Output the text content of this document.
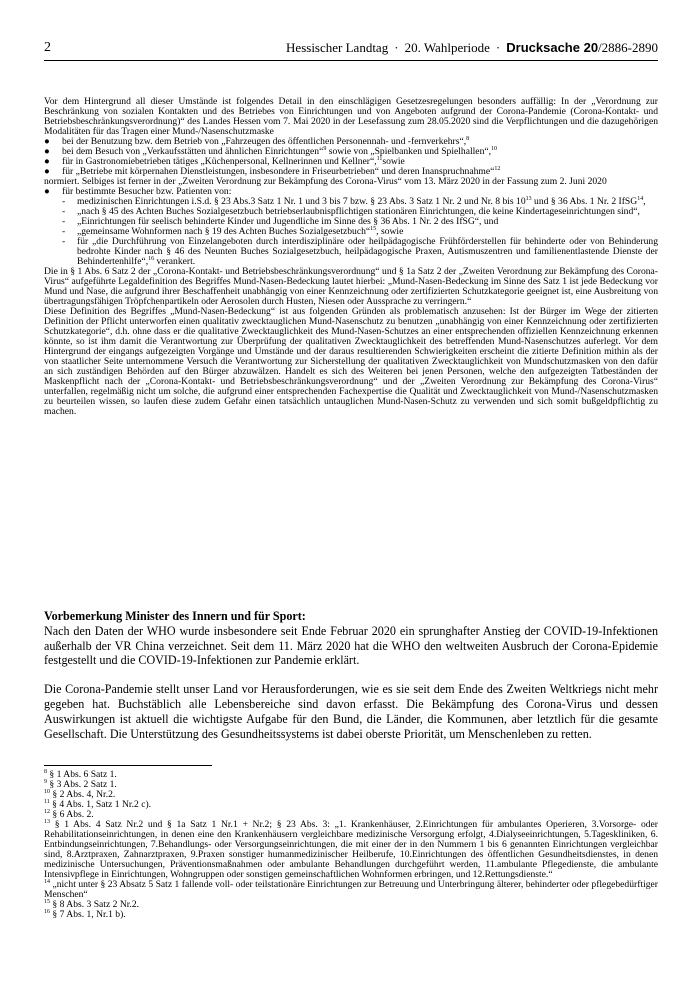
2	Hessischer Landtag · 20. Wahlperiode · Drucksache 20/2886-2890

Vor dem Hintergrund all dieser Umstände ist folgendes Detail in den einschlägigen Gesetzesregelungen besonders auffällig: In der „Verordnung zur Beschränkung von sozialen Kontakten und des Betriebes von Einrichtungen und von Angeboten aufgrund der Corona-Pandemie (Corona-Kontakt- und Betriebsbeschränkungsverordnung)“ des Landes Hessen vom 7. Mai 2020 in der Lesefassung zum 28.05.2020 sind die Verpflichtungen und die dazugehörigen Modalitäten für das Tragen einer Mund-/Nasenschutzmaske

● bei der Benutzung bzw. dem Betrieb von „Fahrzeugen des öffentlichen Personennah- und -fernverkehrs“,$^8$

● bei dem Besuch von „Verkaufsstätten und ähnlichen Einrichtungen“$^9$ sowie von „Spielbanken und Spielhallen“,$^{10}$

● für in Gastronomiebetrieben tätiges „Küchenpersonal, Kellnerinnen und Kellner“,$^{11}$sowie

● für „Betriebe mit körpernahen Dienstleistungen, insbesondere in Friseurbetrieben“ und deren Inanspruchnahme“$^{12}$

normiert. Selbiges ist ferner in der „Zweiten Verordnung zur Bekämpfung des Corona-Virus“ vom 13. März 2020 in der Fassung zum 2. Juni 2020

● für bestimmte Besucher bzw. Patienten von:

- medizinischen Einrichtungen i.S.d. § 23 Abs.3 Satz 1 Nr. 1 und 3 bis 7 bzw. § 23 Abs. 3 Satz 1 Nr. 2 und Nr. 8 bis $10^{13}$ und § 36 Abs. 1 Nr. 2 IfSG$^{14}$,

- „nach § 45 des Achten Buches Sozialgesetzbuch betriebserlaubnispflichtigen stationären Einrichtungen, die keine Kindertageseinrichtungen sind“,

- „Einrichtungen für seelisch behinderte Kinder und Jugendliche im Sinne des § 36 Abs. 1 Nr. 2 des IfSG“, und

- „gemeinsame Wohnformen nach § 19 des Achten Buches Sozialgesetzbuch“$^{15}$, sowie

- für „die Durchführung von Einzelangeboten durch interdisziplinäre oder heilpädagogische Frühförderstellen für behinderte oder von Behinderung bedrohte Kinder nach § 46 des Neunten Buches Sozialgesetzbuch, heilpädagogische Praxen, Autismuszentren und familienentlastende Dienste der Behindertenhilfe“,$^{16}$ verankert.

Die in § 1 Abs. 6 Satz 2 der „Corona-Kontakt- und Betriebsbeschränkungsverordnung“ und § 1a Satz 2 der „Zweiten Verordnung zur Bekämpfung des Corona-Virus“ aufgeführte Legaldefinition des Begriffes Mund-Nasen-Bedeckung lautet hierbei: „Mund-Nasen-Bedeckung im Sinne des Satz 1 ist jede Bedeckung vor Mund und Nase, die aufgrund ihrer Beschaffenheit unabhängig von einer Kennzeichnung oder zertifizierten Schutzkategorie geeignet ist, eine Ausbreitung von übertragungsfähigen Tröpfchenpartikeln oder Aerosolen durch Husten, Niesen oder Aussprache zu verringern.“

Diese Definition des Begriffes „Mund-Nasen-Bedeckung“ ist aus folgenden Gründen als problematisch anzusehen: Ist der Bürger im Wege der zitierten Definition der Pflicht unterworfen einen qualitativ zwecktauglichen Mund-Nasenschutz zu benutzen „unabhängig von einer Kennzeichnung oder zertifizierten Schutzkategorie“, d.h. ohne dass er die qualitative Zwecktauglichkeit des Mund-Nasen-Schutzes an einer entsprechenden offiziellen Kennzeichnung erkennen könnte, so ist ihm damit die Verantwortung zur Überprüfung der qualitativen Zwecktauglichkeit des betreffenden Mund-Nasenschutzes auferlegt. Vor dem Hintergrund der eingangs aufgezeigten Vorgänge und Umstände und der daraus resultierenden Schwierigkeiten erscheint die zitierte Definition mithin als der von staatlicher Seite unternommene Versuch die Verantwortung zur Sicherstellung der qualitativen Zwecktauglichkeit von Mundschutzmasken von den dafür an sich zuständigen Behörden auf den Bürger abzuwälzen. Handelt es sich des Weiteren bei jenen Personen, welche den aufgezeigten Tatbeständen der Maskenpflicht nach der „Corona-Kontakt- und Betriebsbeschränkungsverordnung“ und der „Zweiten Verordnung zur Bekämpfung des Corona-Virus“ unterfallen, regelmäßig nicht um solche, die aufgrund einer entsprechenden Fachexpertise die Qualität und Zwecktauglichkeit von Mund-/Nasenschutzmasken zu beurteilen wissen, so laufen diese zudem Gefahr einen tatsächlich untauglichen Mund-Nasen-Schutz zu verwenden und sich somit bußgeldpflichtig zu machen.

Vorbemerkung Minister des Innern und für Sport:

Nach den Daten der WHO wurde insbesondere seit Ende Februar 2020 ein sprunghafter Anstieg der COVID-19-Infektionen außerhalb der VR China verzeichnet. Seit dem 11. März 2020 hat die WHO den weltweiten Ausbruch der Corona-Epidemie festgestellt und die COVID-19-Infektionen zur Pandemie erklärt.

Die Corona-Pandemie stellt unser Land vor Herausforderungen, wie es sie seit dem Ende des Zweiten Weltkriegs nicht mehr gegeben hat. Buchstäblich alle Lebensbereiche sind davon erfasst. Die Bekämpfung des Corona-Virus und dessen Auswirkungen ist aktuell die wichtigste Aufgabe für den Bund, die Länder, die Kommunen, aber letztlich für die gesamte Gesellschaft. Die Unterstützung des Gesundheitssystems ist dabei oberste Priorität, um Menschenleben zu retten.

$^8$ § 1 Abs. 6 Satz 1.

$^9$ § 3 Abs. 2 Satz 1.

$^{10}$ § 2 Abs. 4, Nr.2.

$^{11}$ § 4 Abs. 1, Satz 1 Nr.2 c).

$^{12}$ § 6 Abs. 2.

$^{13}$ § 1 Abs. 4 Satz Nr.2 und § 1a Satz 1 Nr.1 + Nr.2; § 23 Abs. 3: „1. Krankenhäuser, 2.Einrichtungen für ambulantes Operieren, 3.Vorsorge- oder Rehabilitationseinrichtungen, in denen eine den Krankenhäusern vergleichbare medizinische Versorgung erfolgt, 4.Dialyseeinrichtungen, 5.Tageskliniken, 6. Entbindungseinrichtungen, 7.Behandlungs- oder Versorgungseinrichtungen, die mit einer der in den Nummern 1 bis 6 genannten Einrichtungen vergleichbar sind, 8.Arztpraxen, Zahnarztpraxen, 9.Praxen sonstiger humanmedizinischer Heilberufe, 10.Einrichtungen des öffentlichen Gesundheitsdienstes, in denen medizinische Untersuchungen, Präventionsmaßnahmen oder ambulante Behandlungen durchgeführt werden, 11.ambulante Pflegedienste, die ambulante Intensivpflege in Einrichtungen, Wohngruppen oder sonstigen gemeinschaftlichen Wohnformen erbringen, und 12.Rettungsdienste.“

$^{14}$ „nicht unter § 23 Absatz 5 Satz 1 fallende voll- oder teilstationäre Einrichtungen zur Betreuung und Unterbringung älterer, behinderter oder pflegebedürftiger Menschen“

$^{15}$ § 8 Abs. 3 Satz 2 Nr.2.

$^{16}$ § 7 Abs. 1, Nr.1 b).
